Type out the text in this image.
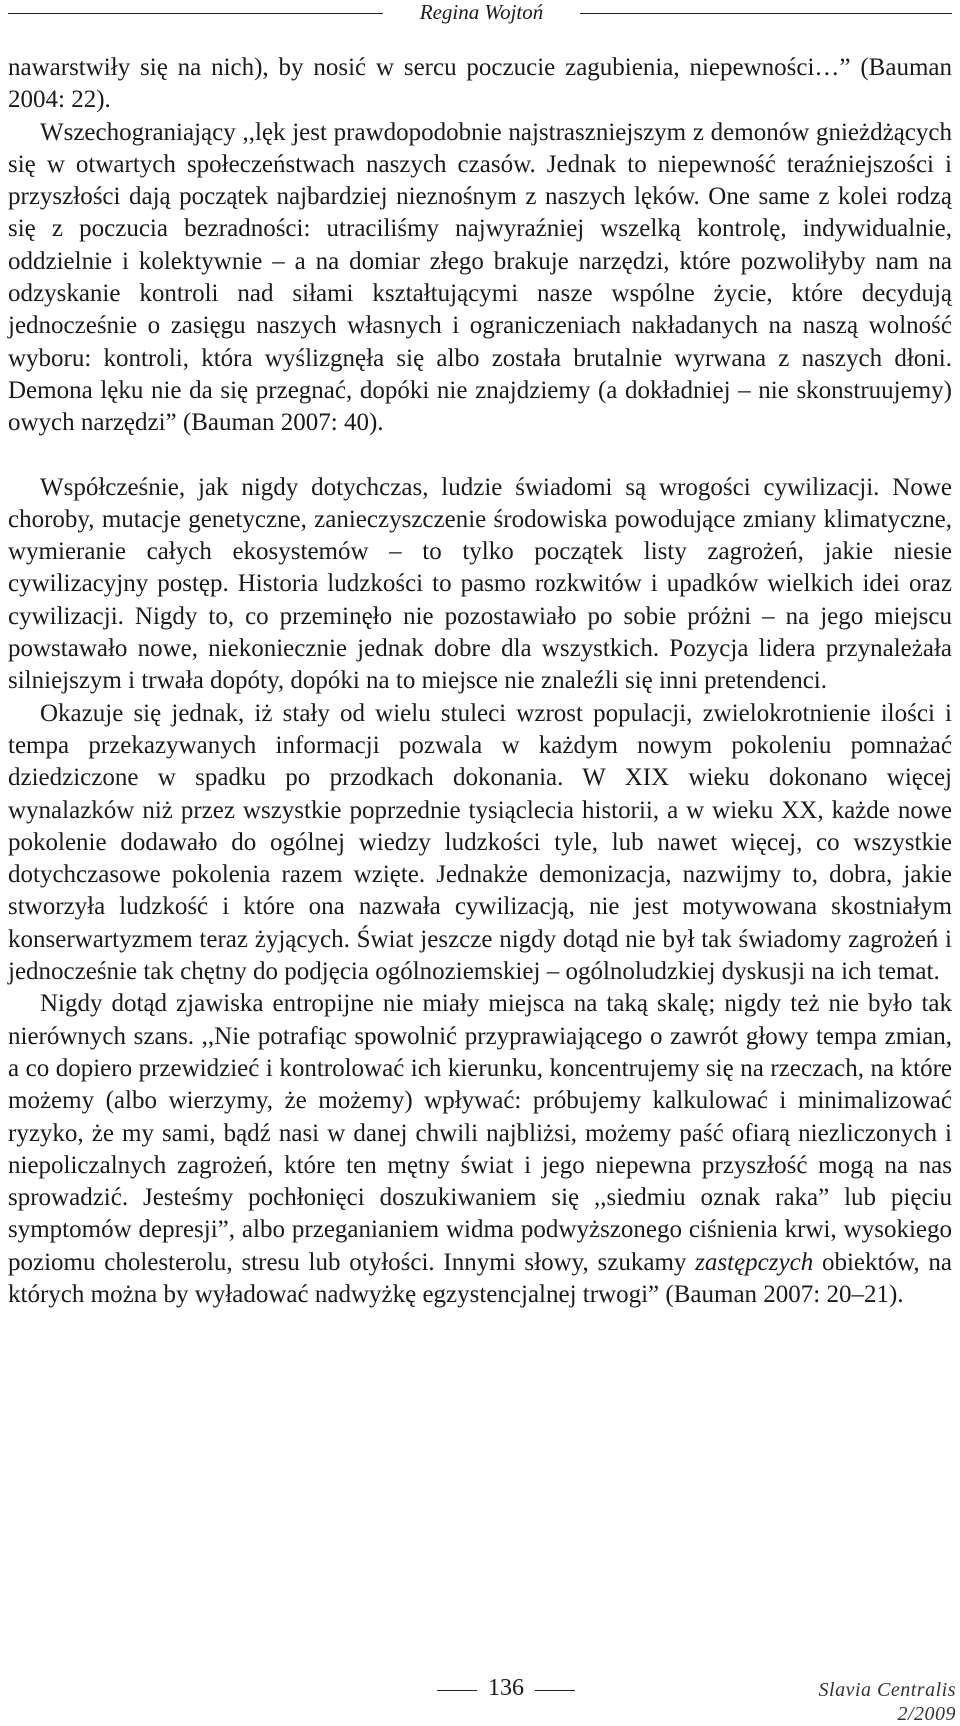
Regina Wojtoń

nawarstwiły się na nich), by nosić w sercu poczucie zagubienia, niepewności…” (Bauman 2004: 22).

Wszechograniający ,,lęk jest prawdopodobnie najstraszniejszym z demonów gnieżdżących się w otwartych społeczeństwach naszych czasów. Jednak to niepewność teraźniejszości i przyszłości dają początek najbardziej nieznośnym z naszych lęków. One same z kolei rodzą się z poczucia bezradności: utraciliśmy najwyraźniej wszelką kontrolę, indywidualnie, oddzielnie i kolektywnie – a na domiar złego brakuje narzędzi, które pozwoliłyby nam na odzyskanie kontroli nad siłami kształtującymi nasze wspólne życie, które decydują jednocześnie o zasięgu naszych własnych i ograniczeniach nakładanych na naszą wolność wyboru: kontroli, która wyślizgnęła się albo została brutalnie wyrwana z naszych dłoni. Demona lęku nie da się przegnać, dopóki nie znajdziemy (a dokładniej – nie skonstruujemy) owych narzędzi” (Bauman 2007: 40).

Współcześnie, jak nigdy dotychczas, ludzie świadomi są wrogości cywilizacji. Nowe choroby, mutacje genetyczne, zanieczyszczenie środowiska powodujące zmiany klimatyczne, wymieranie całych ekosystemów – to tylko początek listy zagrożeń, jakie niesie cywilizacyjny postęp. Historia ludzkości to pasmo rozkwitów i upadków wielkich idei oraz cywilizacji. Nigdy to, co przeminęło nie pozostawiało po sobie próżni – na jego miejscu powstawało nowe, niekoniecznie jednak dobre dla wszystkich. Pozycja lidera przynależała silniejszym i trwała dopóty, dopóki na to miejsce nie znaleźli się inni pretendenci.

Okazuje się jednak, iż stały od wielu stuleci wzrost populacji, zwielokrotnienie ilości i tempa przekazywanych informacji pozwala w każdym nowym pokoleniu pomnażać dziedziczone w spadku po przodkach dokonania. W XIX wieku dokonano więcej wynalazków niż przez wszystkie poprzednie tysiąclecia historii, a w wieku XX, każde nowe pokolenie dodawało do ogólnej wiedzy ludzkości tyle, lub nawet więcej, co wszystkie dotychczasowe pokolenia razem wzięte. Jednakże demonizacja, nazwijmy to, dobra, jakie stworzyła ludzkość i które ona nazwała cywilizacją, nie jest motywowana skostniałym konserwartyzmem teraz żyjących. Świat jeszcze nigdy dotąd nie był tak świadomy zagrożeń i jednocześnie tak chętny do podjęcia ogólnoziemskiej – ogólnoludzkiej dyskusji na ich temat.

Nigdy dotąd zjawiska entropijne nie miały miejsca na taką skalę; nigdy też nie było tak nierównych szans. ,,Nie potrafiąc spowolnić przyprawiającego o zawrót głowy tempa zmian, a co dopiero przewidzieć i kontrolować ich kierunku, koncentrujemy się na rzeczach, na które możemy (albo wierzymy, że możemy) wpływać: próbujemy kalkulować i minimalizować ryzyko, że my sami, bądź nasi w danej chwili najbliżsi, możemy paść ofiarą niezliczonych i niepoliczalnych zagrożeń, które ten mętny świat i jego niepewna przyszłość mogą na nas sprowadzić. Jesteśmy pochłonięci doszukiwaniem się ,,siedmiu oznak raka” lub pięciu symptomów depresji”, albo przeganianiem widma podwyższonego ciśnienia krwi, wysokiego poziomu cholesterolu, stresu lub otyłości. Innymi słowy, szukamy zastępczych obiektów, na których można by wyładować nadwyżkę egzystencjalnej trwogi” (Bauman 2007: 20–21).

136	Slavia Centralis 2/2009
